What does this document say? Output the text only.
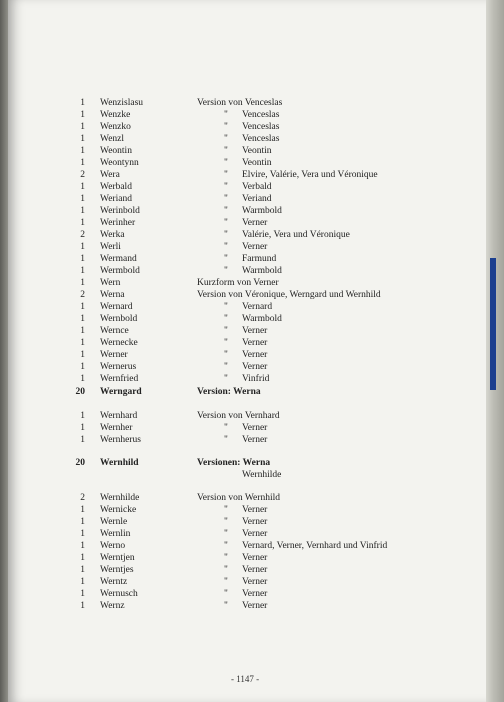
1 Wenzislasu	Version von Venceslas
1 Wenzke	" Venceslas
1 Wenzko	" Venceslas
1 Wenzl	" Venceslas
1 Weontin	" Veontin
1 Weontynn	" Veontin
2 Wera	" Elvire, Valérie, Vera und Véronique
1 Werbald	" Verbald
1 Weriand	" Veriand
1 Werinbold	" Warmbold
1 Werinher	" Verner
2 Werka	" Valérie, Vera und Véronique
1 Werli	" Verner
1 Wermand	" Farmund
1 Wermbold	" Warmbold
1 Wern	Kurzform von Verner
2 Werna	Version von Véronique, Werngard und Wernhild
1 Wernard	" Vernard
1 Wernbold	" Warmbold
1 Wernce	" Verner
1 Wernecke	" Verner
1 Werner	" Verner
1 Wernerus	" Verner
1 Wernfried	" Vinfrid
20 Werngard	Version: Werna
1 Wernhard	Version von Vernhard
1 Wernher	" Verner
1 Wernherus	" Verner
20 Wernhild	Versionen: Werna
Wernhilde
2 Wernhilde	Version von Wernhild
1 Wernicke	" Verner
1 Wernle	" Verner
1 Wernlin	" Verner
1 Werno	" Vernard, Verner, Vernhard und Vinfrid
1 Werntjen	" Verner
1 Werntjes	" Verner
1 Werntz	" Verner
1 Wernusch	" Verner
1 Wernz	" Verner
- 1147 -
